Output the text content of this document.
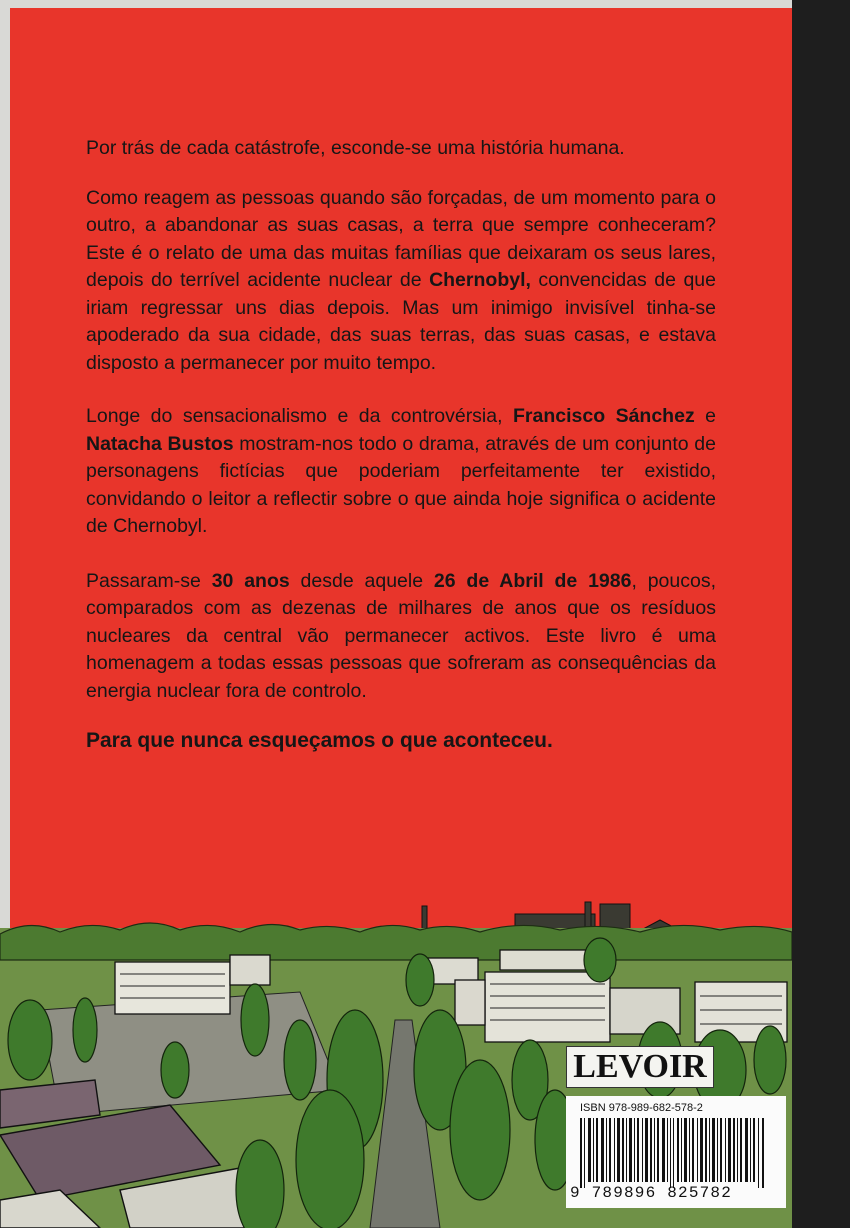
Por trás de cada catástrofe, esconde-se uma história humana.

Como reagem as pessoas quando são forçadas, de um momento para o outro, a abandonar as suas casas, a terra que sempre conheceram? Este é o relato de uma das muitas famílias que deixaram os seus lares, depois do terrível acidente nuclear de Chernobyl, convencidas de que iriam regressar uns dias depois. Mas um inimigo invisível tinha-se apoderado da sua cidade, das suas terras, das suas casas, e estava disposto a permanecer por muito tempo.

Longe do sensacionalismo e da controvérsia, Francisco Sánchez e Natacha Bustos mostram-nos todo o drama, através de um conjunto de personagens fictícias que poderiam perfeitamente ter existido, convidando o leitor a reflectir sobre o que ainda hoje significa o acidente de Chernobyl.

Passaram-se 30 anos desde aquele 26 de Abril de 1986, poucos, comparados com as dezenas de milhares de anos que os resíduos nucleares da central vão permanecer activos. Este livro é uma homenagem a todas essas pessoas que sofreram as consequências da energia nuclear fora de controlo.

Para que nunca esqueçamos o que aconteceu.

LEVOIR
ISBN 978-989-682-578-2
9 789896 825782
